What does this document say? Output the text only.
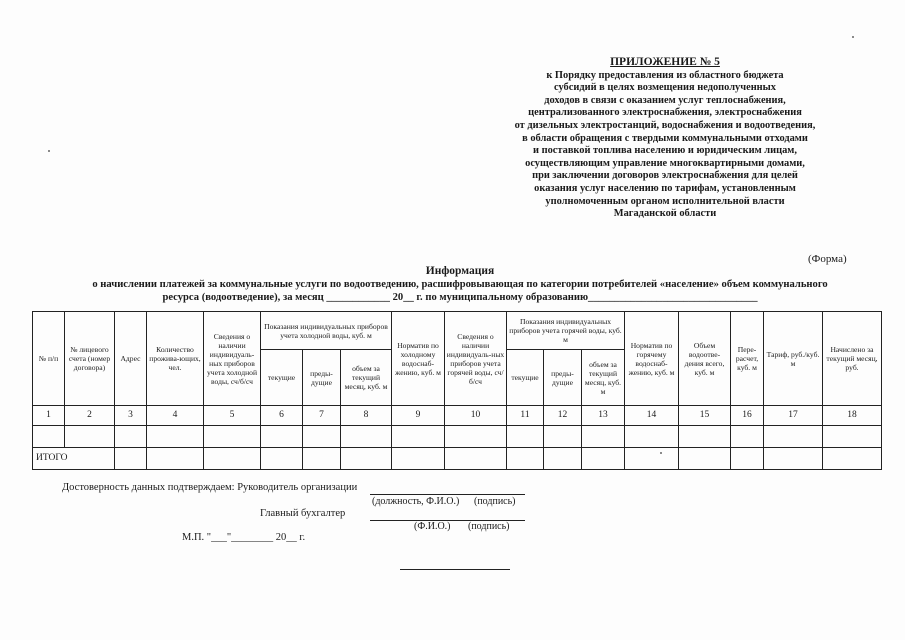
ПРИЛОЖЕНИЕ № 5
к Порядку предоставления из областного бюджета
субсидий в целях возмещения недополученных
доходов в связи с оказанием услуг теплоснабжения,
централизованного электроснабжения, электроснабжения
от дизельных электростанций, водоснабжения и водоотведения,
в области обращения с твердыми коммунальными отходами
и поставкой топлива населению и юридическим лицам,
осуществляющим управление многоквартирными домами,
при заключении договоров электроснабжения для целей
оказания услуг населению по тарифам, установленным
уполномоченным органом исполнительной власти
Магаданской области
(Форма)
Информация
о начислении платежей за коммунальные услуги по водоотведению, расшифровывающая по категории потребителей «население» объем коммунального
ресурса (водоотведение), за месяц ____________ 20__ г. по муниципальному образованию________________________________
№ п/п	№ лицевого счета (номер договора)	Адрес	Количество прожива-ющих, чел.	Сведения о наличии индивидуаль-ных приборов учета холодной воды, сч/б/сч	Показания индивидуальных приборов учета холодной воды, куб. м			Норматив по холодному водоснаб-жению, куб. м	Сведения о наличии индивидуаль-ных приборов учета горячей воды, сч/б/сч	Показания индивидуальных приборов учета горячей воды, куб. м			Норматив по горячему водоснаб-жению, куб. м	Объем водоотве-дения всего, куб. м	Пере-расчет, куб. м	Тариф, руб./куб. м	Начислено за текущий месяц, руб.
					текущие	преды-дущие	объем за текущий месяц, куб. м			текущие	преды-дущие	объем за текущий месяц, куб. м					
1	2	3	4	5	6	7	8	9	10	11	12	13	14	15	16	17	18

ИТОГО																	
Достоверность данных подтверждаем: Руководитель организации
(должность, Ф.И.О.) (подпись)
Главный бухгалтер
(Ф.И.О.) (подпись)
М.П. "___"________ 20__ г.
